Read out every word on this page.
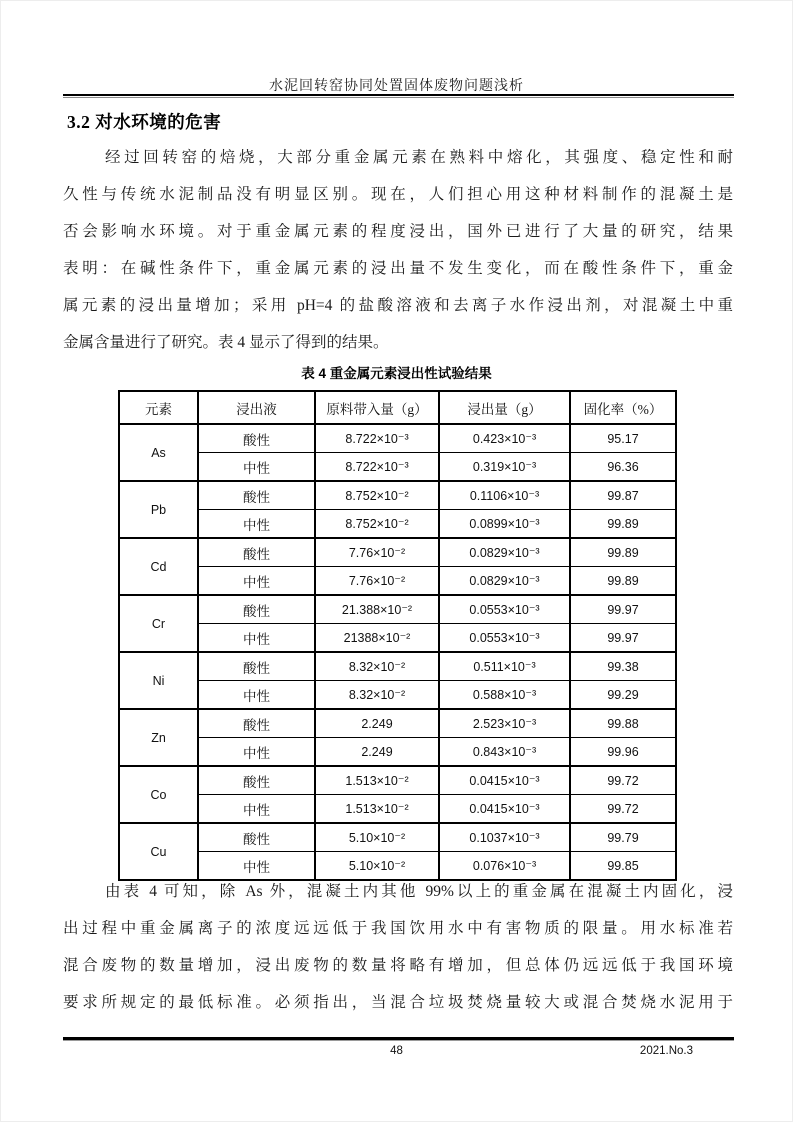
水泥回转窑协同处置固体废物问题浅析
3.2 对水环境的危害
经过回转窑的焙烧，大部分重金属元素在熟料中熔化，其强度、稳定性和耐
久性与传统水泥制品没有明显区别。现在，人们担心用这种材料制作的混凝土是
否会影响水环境。对于重金属元素的程度浸出，国外已进行了大量的研究，结果
表明：在碱性条件下，重金属元素的浸出量不发生变化，而在酸性条件下，重金
属元素的浸出量增加；采用 pH=4 的盐酸溶液和去离子水作浸出剂，对混凝土中重
金属含量进行了研究。表 4 显示了得到的结果。
表 4 重金属元素浸出性试验结果
元素	浸出液	原料带入量（g）	浸出量（g）	固化率（%）
As	酸性	8.722×10⁻³	0.423×10⁻³	95.17
	中性	8.722×10⁻³	0.319×10⁻³	96.36
Pb	酸性	8.752×10⁻²	0.1106×10⁻³	99.87
	中性	8.752×10⁻²	0.0899×10⁻³	99.89
Cd	酸性	7.76×10⁻²	0.0829×10⁻³	99.89
	中性	7.76×10⁻²	0.0829×10⁻³	99.89
Cr	酸性	21.388×10⁻²	0.0553×10⁻³	99.97
	中性	21388×10⁻²	0.0553×10⁻³	99.97
Ni	酸性	8.32×10⁻²	0.511×10⁻³	99.38
	中性	8.32×10⁻²	0.588×10⁻³	99.29
Zn	酸性	2.249	2.523×10⁻³	99.88
	中性	2.249	0.843×10⁻³	99.96
Co	酸性	1.513×10⁻²	0.0415×10⁻³	99.72
	中性	1.513×10⁻²	0.0415×10⁻³	99.72
Cu	酸性	5.10×10⁻²	0.1037×10⁻³	99.79
	中性	5.10×10⁻²	0.076×10⁻³	99.85
由表 4 可知，除 As 外，混凝土内其他 99%以上的重金属在混凝土内固化，浸
出过程中重金属离子的浓度远远低于我国饮用水中有害物质的限量。用水标准若
混合废物的数量增加，浸出废物的数量将略有增加，但总体仍远远低于我国环境
要求所规定的最低标准。必须指出，当混合垃圾焚烧量较大或混合焚烧水泥用于
48	2021.No.3
